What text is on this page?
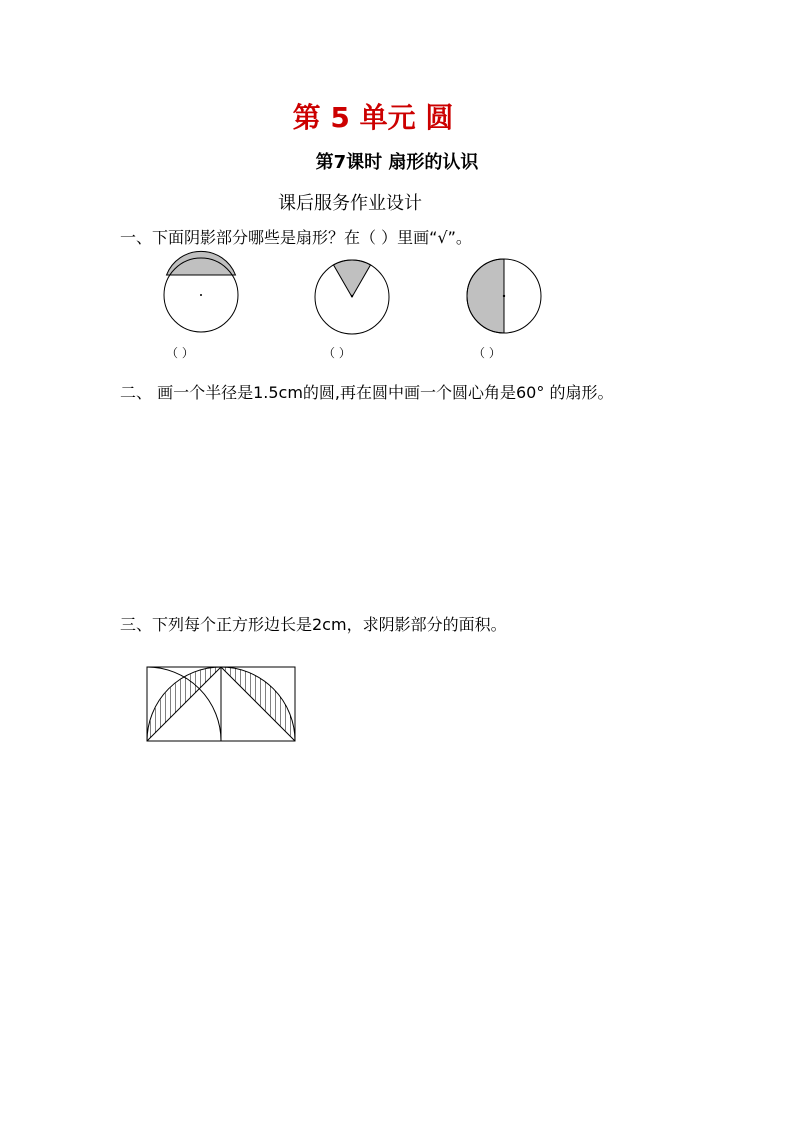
第 5 单元 圆
第7课时 扇形的认识
课后服务作业设计
一、下面阴影部分哪些是扇形？在（ ）里画“√”。
（ ）	（ ）	（ ）
二、 画一个半径是1.5cm的圆,再在圆中画一个圆心角是60° 的扇形。
三、下列每个正方形边长是2cm，求阴影部分的面积。
